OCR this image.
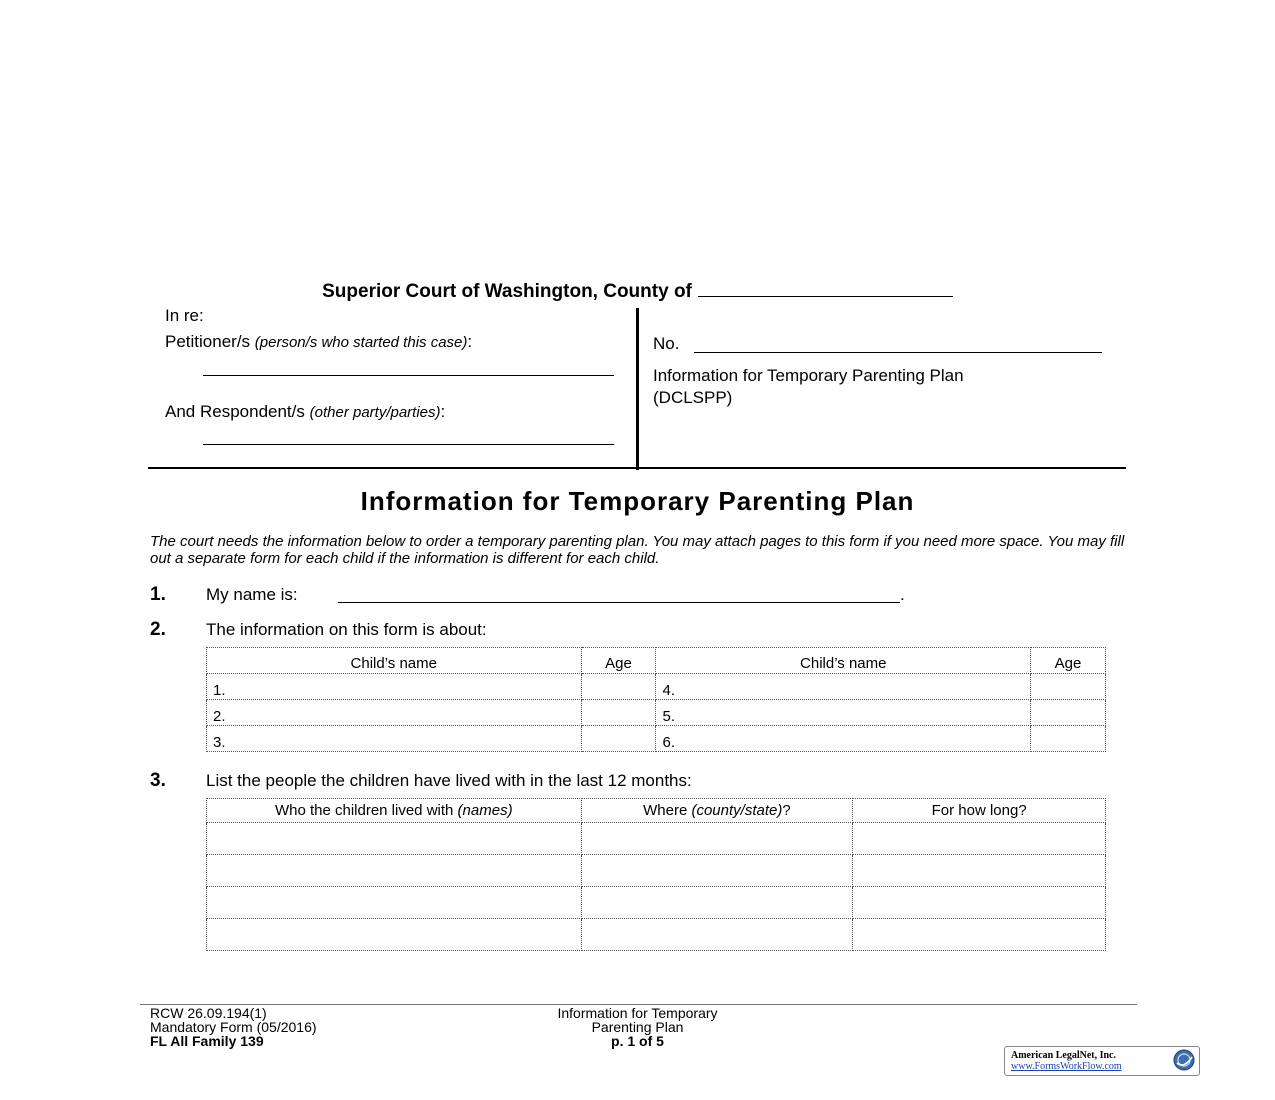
Superior Court of Washington, County of
In re:
Petitioner/s (person/s who started this case):
And Respondent/s (other party/parties):
No.
Information for Temporary Parenting Plan
(DCLSPP)
Information for Temporary Parenting Plan
The court needs the information below to order a temporary parenting plan. You may attach pages to this form if you need more space. You may fill out a separate form for each child if the information is different for each child.
1. My name is:	.
2. The information on this form is about:
Child’s name	Age	Child’s name	Age
1.		4.	
2.		5.	
3.		6.	
3. List the people the children have lived with in the last 12 months:
Who the children lived with (names)	Where (county/state)?	For how long?

RCW 26.09.194(1)
Mandatory Form (05/2016)
FL All Family 139
Information for Temporary
Parenting Plan
p. 1 of 5
American LegalNet, Inc.
www.FormsWorkFlow.com
